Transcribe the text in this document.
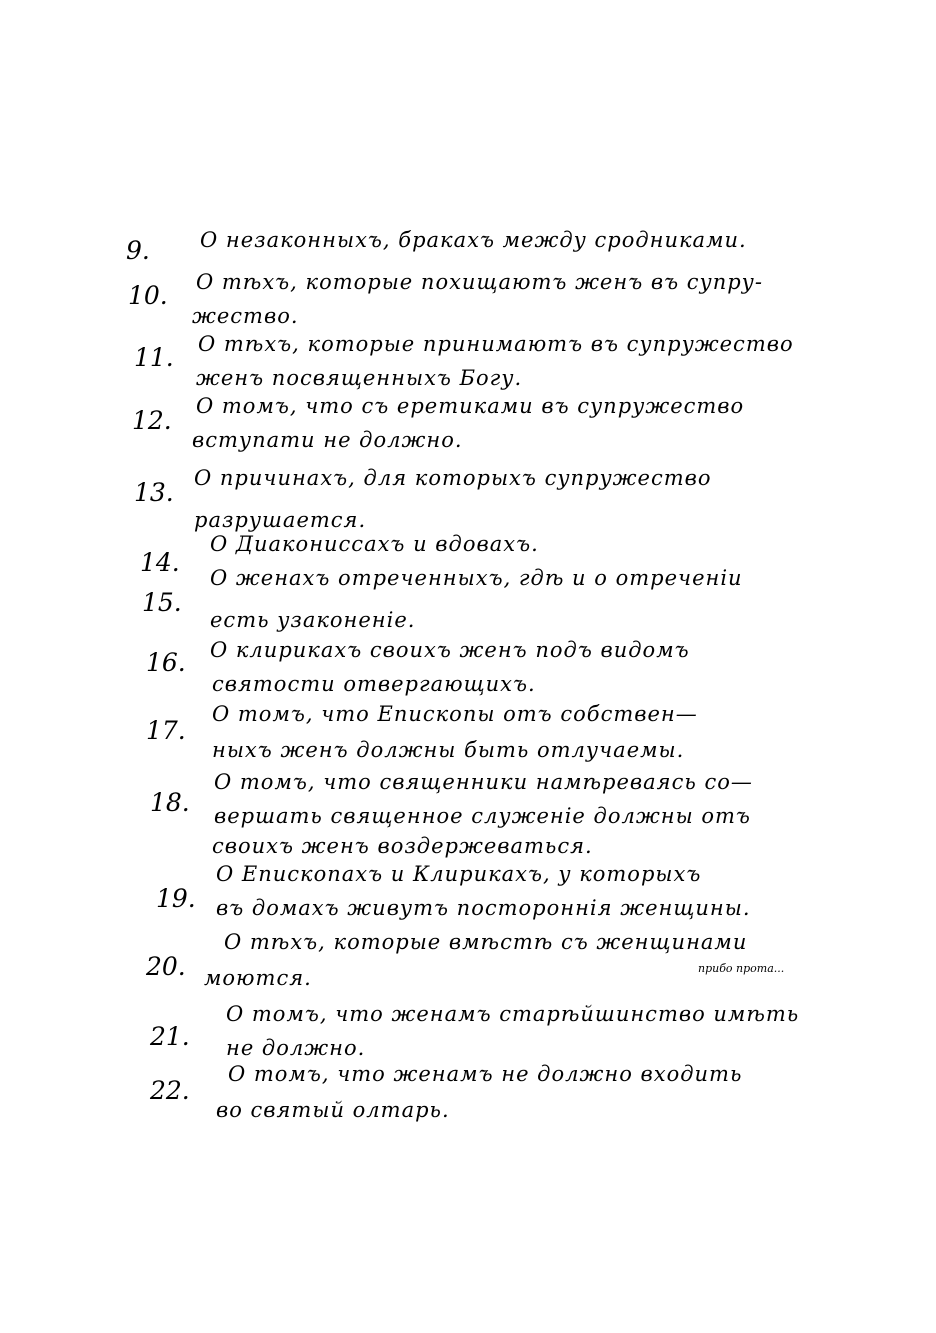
9. О незаконныхъ, бракахъ между сродниками.
10. О тѣхъ, которые похищаютъ женъ въ супру-
жество.
11. О тѣхъ, которые принимаютъ въ супружество
женъ посвященныхъ Богу.
12. О томъ, что съ еретиками въ супружество
вступати не должно.
13. О причинахъ, для которыхъ супружество
разрушается.
14.
О Диакониссахъ и вдовахъ.
15.
О женахъ отреченныхъ, гдѣ и о отреченіи
есть узаконеніе.
16. О клирикахъ своихъ женъ подъ видомъ
святости отвергающихъ.
17.
О томъ, что Епископы отъ собствен—
ныхъ женъ должны быть отлучаемы.
18.
О томъ, что священники намѣреваясь со—
вершать священное служеніе должны отъ
своихъ женъ воздержеваться.
19.
О Епископахъ и Клирикахъ, у которыхъ
въ домахъ живутъ постороннія женщины.
20.
О тѣхъ, которые вмѣстѣ съ женщинами
моются.	прибо прота...
21.
О томъ, что женамъ старѣйшинство имѣть
не должно.
22.
О томъ, что женамъ не должно входить
во святый олтарь.
